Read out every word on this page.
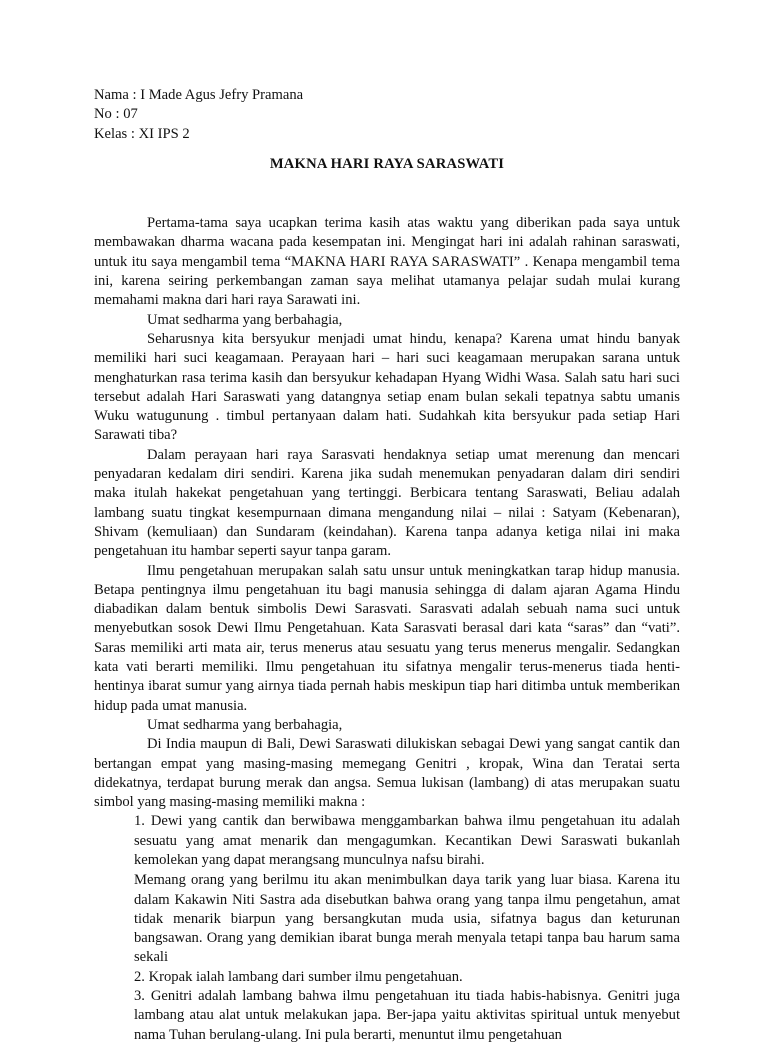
Nama : I Made Agus Jefry Pramana
No : 07
Kelas : XI IPS 2
MAKNA HARI RAYA SARASWATI

Pertama-tama saya ucapkan terima kasih atas waktu yang diberikan pada saya untuk membawakan dharma wacana pada kesempatan ini. Mengingat hari ini adalah rahinan saraswati, untuk itu saya mengambil tema “MAKNA HARI RAYA SARASWATI” . Kenapa mengambil tema ini, karena seiring perkembangan zaman saya melihat utamanya pelajar sudah mulai kurang memahami makna dari hari raya Sarawati ini.

Umat sedharma yang berbahagia,

Seharusnya kita bersyukur menjadi umat hindu, kenapa? Karena umat hindu banyak memiliki hari suci keagamaan. Perayaan hari – hari suci keagamaan merupakan sarana untuk menghaturkan rasa terima kasih dan bersyukur kehadapan Hyang Widhi Wasa. Salah satu hari suci tersebut adalah Hari Saraswati yang datangnya setiap enam bulan sekali tepatnya sabtu umanis Wuku watugunung . timbul pertanyaan dalam hati. Sudahkah kita bersyukur pada setiap Hari Sarawati tiba?

Dalam perayaan hari raya Sarasvati hendaknya setiap umat merenung dan mencari penyadaran kedalam diri sendiri. Karena jika sudah menemukan penyadaran dalam diri sendiri maka itulah hakekat pengetahuan yang tertinggi. Berbicara tentang Saraswati, Beliau adalah lambang suatu tingkat kesempurnaan dimana mengandung nilai – nilai : Satyam (Kebenaran), Shivam (kemuliaan) dan Sundaram (keindahan). Karena tanpa adanya ketiga nilai ini maka pengetahuan itu hambar seperti sayur tanpa garam.

Ilmu pengetahuan merupakan salah satu unsur untuk meningkatkan tarap hidup manusia. Betapa pentingnya ilmu pengetahuan itu bagi manusia sehingga di dalam ajaran Agama Hindu diabadikan dalam bentuk simbolis Dewi Sarasvati. Sarasvati adalah sebuah nama suci untuk menyebutkan sosok Dewi Ilmu Pengetahuan. Kata Sarasvati berasal dari kata “saras” dan “vati”. Saras memiliki arti mata air, terus menerus atau sesuatu yang terus menerus mengalir. Sedangkan kata vati berarti memiliki. Ilmu pengetahuan itu sifatnya mengalir terus-menerus tiada henti-hentinya ibarat sumur yang airnya tiada pernah habis meskipun tiap hari ditimba untuk memberikan hidup pada umat manusia.

Umat sedharma yang berbahagia,

Di India maupun di Bali, Dewi Saraswati dilukiskan sebagai Dewi yang sangat cantik dan bertangan empat yang masing-masing memegang Genitri , kropak, Wina dan Teratai serta didekatnya, terdapat burung merak dan angsa. Semua lukisan (lambang) di atas merupakan suatu simbol yang masing-masing memiliki makna :

1. Dewi yang cantik dan berwibawa menggambarkan bahwa ilmu pengetahuan itu adalah sesuatu yang amat menarik dan mengagumkan. Kecantikan Dewi Saraswati bukanlah kemolekan yang dapat merangsang munculnya nafsu birahi.

Memang orang yang berilmu itu akan menimbulkan daya tarik yang luar biasa. Karena itu dalam Kakawin Niti Sastra ada disebutkan bahwa orang yang tanpa ilmu pengetahun, amat tidak menarik biarpun yang bersangkutan muda usia, sifatnya bagus dan keturunan bangsawan. Orang yang demikian ibarat bunga merah menyala tetapi tanpa bau harum sama sekali

2. Kropak ialah lambang dari sumber ilmu pengetahuan.

3. Genitri adalah lambang bahwa ilmu pengetahuan itu tiada habis-habisnya. Genitri juga lambang atau alat untuk melakukan japa. Ber-japa yaitu aktivitas spiritual untuk menyebut nama Tuhan berulang-ulang. Ini pula berarti, menuntut ilmu pengetahuan
